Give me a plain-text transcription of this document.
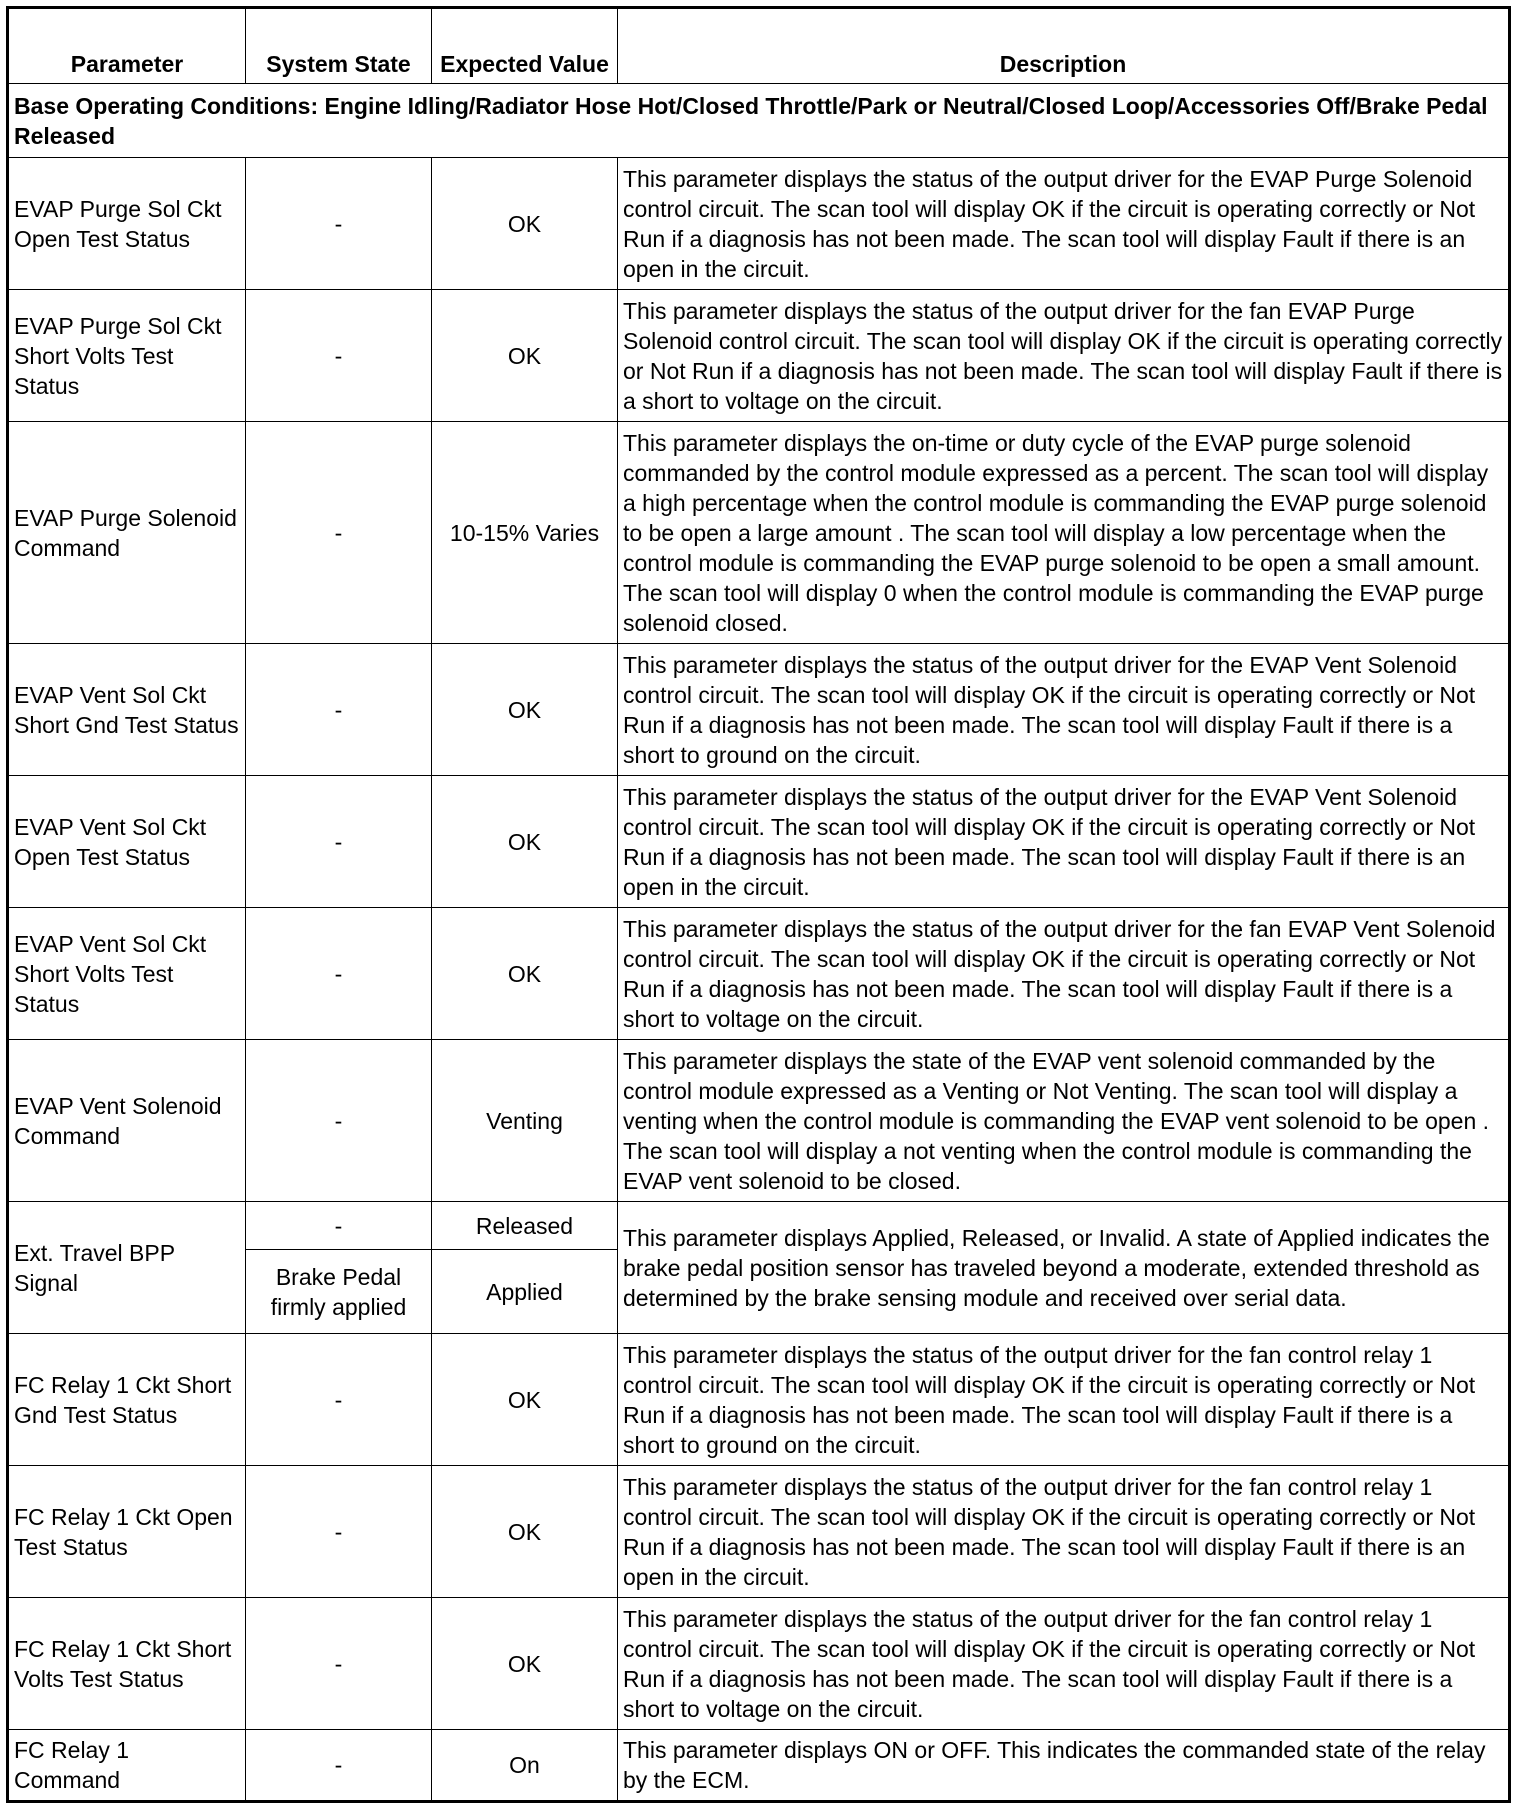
Parameter	System State	Expected Value	Description
Base Operating Conditions: Engine Idling/Radiator Hose Hot/Closed Throttle/Park or Neutral/Closed Loop/Accessories Off/Brake Pedal Released			
EVAP Purge Sol Ckt Open Test Status	-	OK	This parameter displays the status of the output driver for the EVAP Purge Solenoid control circuit. The scan tool will display OK if the circuit is operating correctly or Not Run if a diagnosis has not been made. The scan tool will display Fault if there is an open in the circuit.
EVAP Purge Sol Ckt Short Volts Test Status	-	OK	This parameter displays the status of the output driver for the fan EVAP Purge Solenoid control circuit. The scan tool will display OK if the circuit is operating correctly or Not Run if a diagnosis has not been made. The scan tool will display Fault if there is a short to voltage on the circuit.
EVAP Purge Solenoid Command	-	10-15% Varies	This parameter displays the on-time or duty cycle of the EVAP purge solenoid commanded by the control module expressed as a percent. The scan tool will display a high percentage when the control module is commanding the EVAP purge solenoid to be open a large amount . The scan tool will display a low percentage when the control module is commanding the EVAP purge solenoid to be open a small amount. The scan tool will display 0 when the control module is commanding the EVAP purge solenoid closed.
EVAP Vent Sol Ckt Short Gnd Test Status	-	OK	This parameter displays the status of the output driver for the EVAP Vent Solenoid control circuit. The scan tool will display OK if the circuit is operating correctly or Not Run if a diagnosis has not been made. The scan tool will display Fault if there is a short to ground on the circuit.
EVAP Vent Sol Ckt Open Test Status	-	OK	This parameter displays the status of the output driver for the EVAP Vent Solenoid control circuit. The scan tool will display OK if the circuit is operating correctly or Not Run if a diagnosis has not been made. The scan tool will display Fault if there is an open in the circuit.
EVAP Vent Sol Ckt Short Volts Test Status	-	OK	This parameter displays the status of the output driver for the fan EVAP Vent Solenoid control circuit. The scan tool will display OK if the circuit is operating correctly or Not Run if a diagnosis has not been made. The scan tool will display Fault if there is a short to voltage on the circuit.
EVAP Vent Solenoid Command	-	Venting	This parameter displays the state of the EVAP vent solenoid commanded by the control module expressed as a Venting or Not Venting. The scan tool will display a venting when the control module is commanding the EVAP vent solenoid to be open . The scan tool will display a not venting when the control module is commanding the EVAP vent solenoid to be closed.
Ext. Travel BPP Signal	-	Released	This parameter displays Applied, Released, or Invalid. A state of Applied indicates the brake pedal position sensor has traveled beyond a moderate, extended threshold as determined by the brake sensing module and received over serial data.
	Brake Pedal firmly applied	Applied	
FC Relay 1 Ckt Short Gnd Test Status	-	OK	This parameter displays the status of the output driver for the fan control relay 1 control circuit. The scan tool will display OK if the circuit is operating correctly or Not Run if a diagnosis has not been made. The scan tool will display Fault if there is a short to ground on the circuit.
FC Relay 1 Ckt Open Test Status	-	OK	This parameter displays the status of the output driver for the fan control relay 1 control circuit. The scan tool will display OK if the circuit is operating correctly or Not Run if a diagnosis has not been made. The scan tool will display Fault if there is an open in the circuit.
FC Relay 1 Ckt Short Volts Test Status	-	OK	This parameter displays the status of the output driver for the fan control relay 1 control circuit. The scan tool will display OK if the circuit is operating correctly or Not Run if a diagnosis has not been made. The scan tool will display Fault if there is a short to voltage on the circuit.
FC Relay 1 Command	-	On	This parameter displays ON or OFF. This indicates the commanded state of the relay by the ECM.
